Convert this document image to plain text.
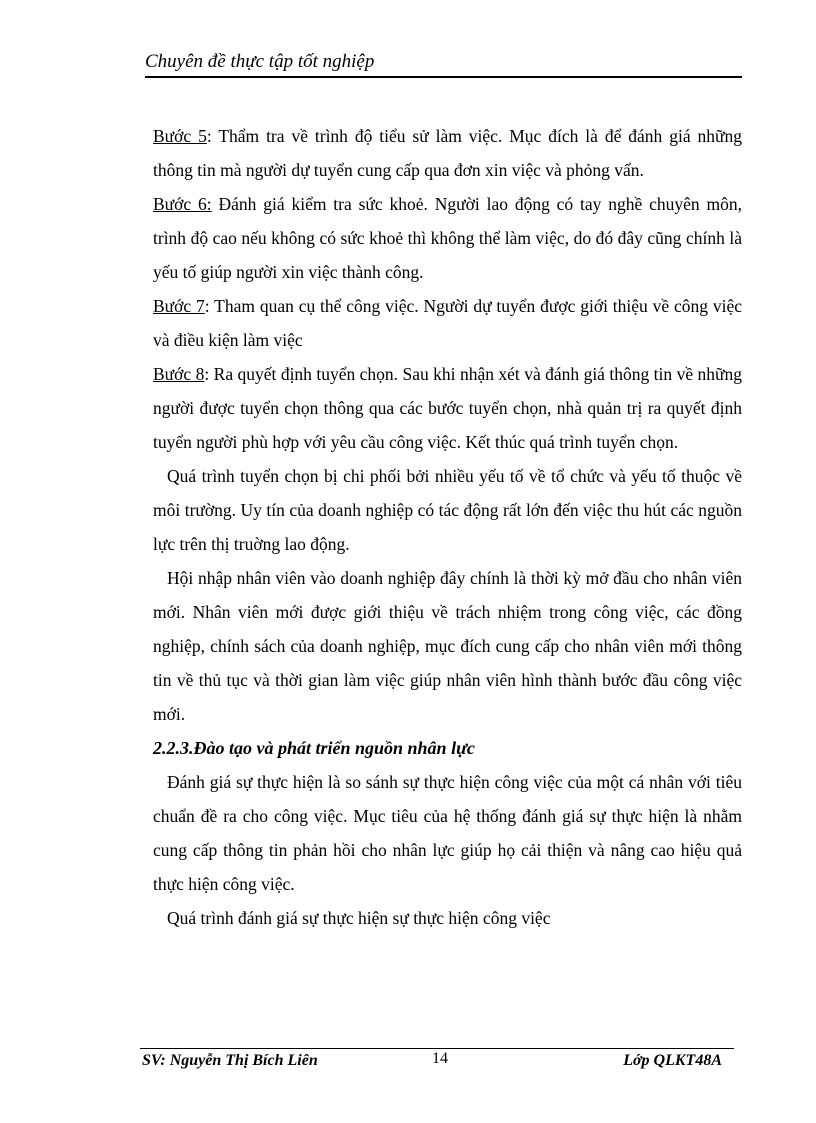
Chuyên đề thực tập tốt nghiệp

Bước 5: Thẩm tra về trình độ tiểu sử làm việc. Mục đích là để đánh giá những thông tin mà người dự tuyển cung cấp qua đơn xin việc và phỏng vấn.

Bước 6: Đánh giá kiểm tra sức khoẻ. Người lao động có tay nghề chuyên môn, trình độ cao nếu không có sức khoẻ thì không thể làm việc, do đó đây cũng chính là yếu tố giúp người xin việc thành công.

Bước 7: Tham quan cụ thể công việc. Người dự tuyển được giới thiệu về công việc và điều kiện làm việc

Bước 8: Ra quyết định tuyển chọn. Sau khi nhận xét và đánh giá thông tin về những người được tuyển chọn thông qua các bước tuyển chọn, nhà quản trị ra quyết định tuyển người phù hợp với yêu cầu công việc. Kết thúc quá trình tuyển chọn.

Quá trình tuyển chọn bị chi phối bởi nhiều yếu tố về tổ chức và yếu tố thuộc về môi trường. Uy tín của doanh nghiệp có tác động rất lớn đến việc thu hút các nguồn lực trên thị truờng lao động.

Hội nhập nhân viên vào doanh nghiệp đây chính là thời kỳ mở đầu cho nhân viên mới. Nhân viên mới được giới thiệu về trách nhiệm trong công việc, các đồng nghiệp, chính sách của doanh nghiệp, mục đích cung cấp cho nhân viên mới thông tin về thủ tục và thời gian làm việc giúp nhân viên hình thành bước đầu công việc mới.

2.2.3.Đào tạo và phát triển nguồn nhân lực

Đánh giá sự thực hiện là so sánh sự thực hiện công việc của một cá nhân với tiêu chuẩn đề ra cho công việc. Mục tiêu của hệ thống đánh giá sự thực hiện là nhằm cung cấp thông tin phản hồi cho nhân lực giúp họ cải thiện và nâng cao hiệu quả thực hiện công việc.

Quá trình đánh giá sự thực hiện sự thực hiện công việc

SV: Nguyễn Thị Bích Liên	14	Lớp QLKT48A
